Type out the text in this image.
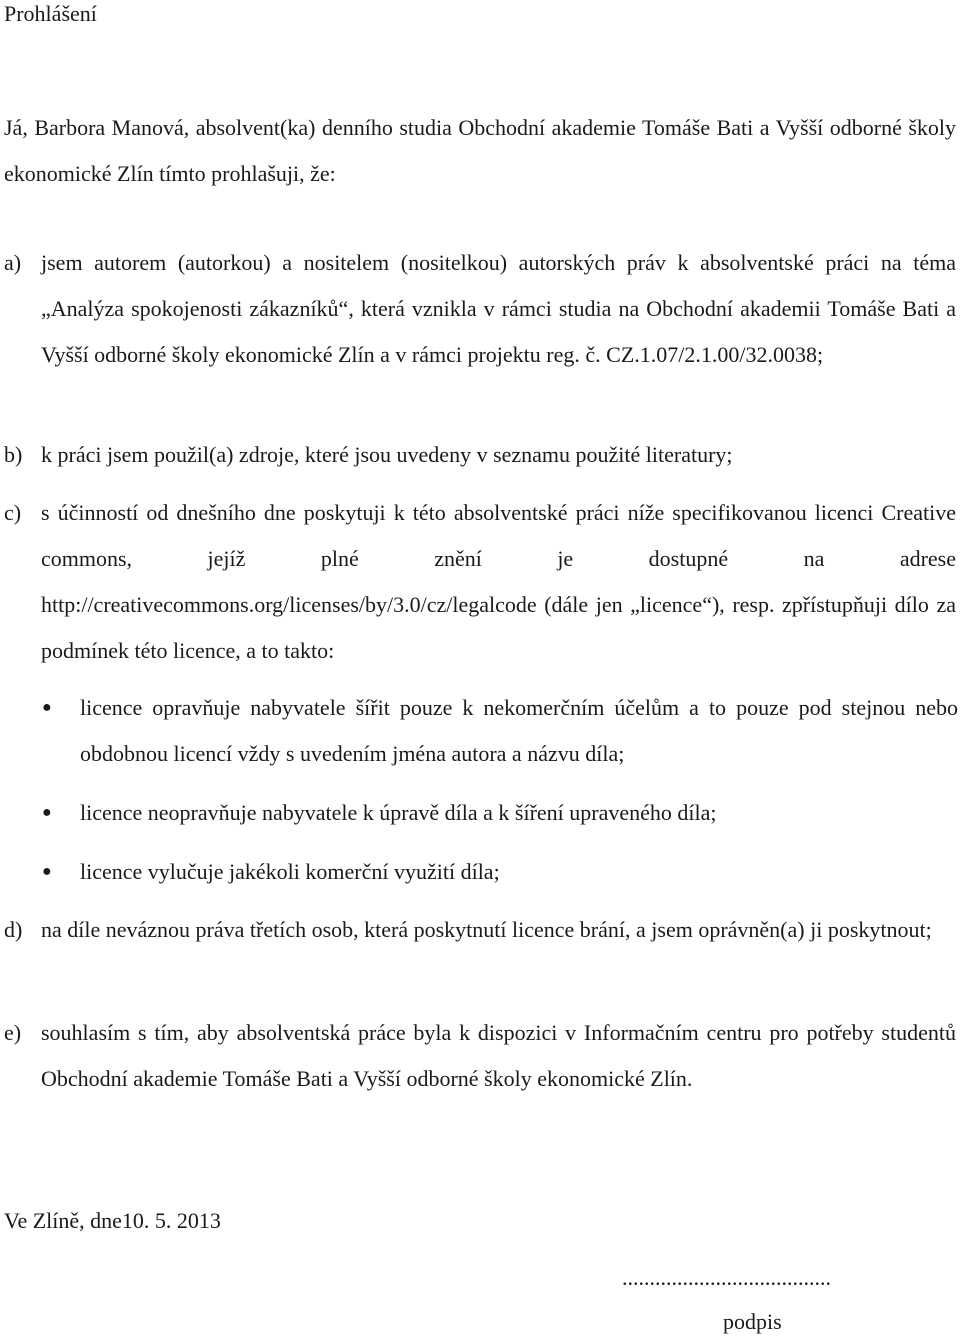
Prohlášení
Já, Barbora Manová, absolvent(ka) denního studia Obchodní akademie Tomáše Bati a Vyšší odborné školy ekonomické Zlín tímto prohlašuji, že:
a) jsem autorem (autorkou) a nositelem (nositelkou) autorských práv k absolventské práci na téma „Analýza spokojenosti zákazníků“, která vznikla v rámci studia na Obchodní akademii Tomáše Bati a Vyšší odborné školy ekonomické Zlín a v rámci projektu reg. č. CZ.1.07/2.1.00/32.0038;
b) k práci jsem použil(a) zdroje, které jsou uvedeny v seznamu použité literatury;
c) s účinností od dnešního dne poskytuji k této absolventské práci níže specifikovanou licenci Creative commons, jejíž plné znění je dostupné na adrese http://creativecommons.org/licenses/by/3.0/cz/legalcode (dále jen „licence“), resp. zpřístupňuji dílo za podmínek této licence, a to takto:
●	licence opravňuje nabyvatele šířit pouze k nekomerčním účelům a to pouze pod stejnou nebo obdobnou licencí vždy s uvedením jména autora a názvu díla;
●	licence neopravňuje nabyvatele k úpravě díla a k šíření upraveného díla;
●	licence vylučuje jakékoli komerční využití díla;
d) na díle neváznou práva třetích osob, která poskytnutí licence brání, a jsem oprávněn(a) ji poskytnout;
e) souhlasím s tím, aby absolventská práce byla k dispozici v Informačním centru pro potřeby studentů Obchodní akademie Tomáše Bati a Vyšší odborné školy ekonomické Zlín.
Ve Zlíně, dne10. 5. 2013
......................................
podpis
